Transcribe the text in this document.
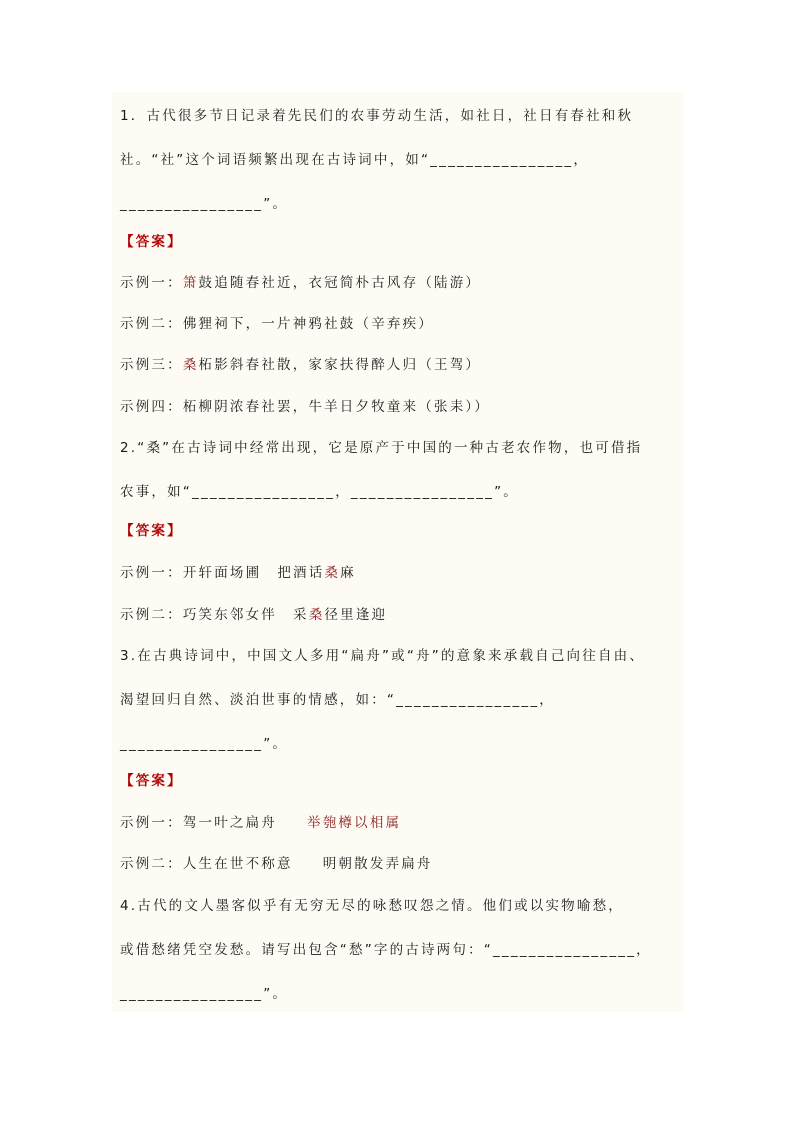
1．古代很多节日记录着先民们的农事劳动生活，如社日，社日有春社和秋
社。“社”这个词语频繁出现在古诗词中，如“________________，
________________”。
【答案】
示例一：箫鼓追随春社近，衣冠简朴古风存（陆游）
示例二：佛狸祠下，一片神鸦社鼓（辛弃疾）
示例三：桑柘影斜春社散，家家扶得醉人归（王驾）
示例四：柘柳阴浓春社罢，牛羊日夕牧童来（张耒））
2.“桑”在古诗词中经常出现，它是原产于中国的一种古老农作物，也可借指
农事，如“________________，________________”。
【答案】
示例一：开轩面场圃 把酒话桑麻
示例二：巧笑东邻女伴 采桑径里逢迎
3.在古典诗词中，中国文人多用“扁舟”或“舟”的意象来承载自己向往自由、
渴望回归自然、淡泊世事的情感，如：“________________，
________________”。
【答案】
示例一：驾一叶之扁舟 举匏樽以相属
示例二：人生在世不称意 明朝散发弄扁舟
4.古代的文人墨客似乎有无穷无尽的咏愁叹怨之情。他们或以实物喻愁，
或借愁绪凭空发愁。请写出包含“愁”字的古诗两句：“________________，
________________”。
